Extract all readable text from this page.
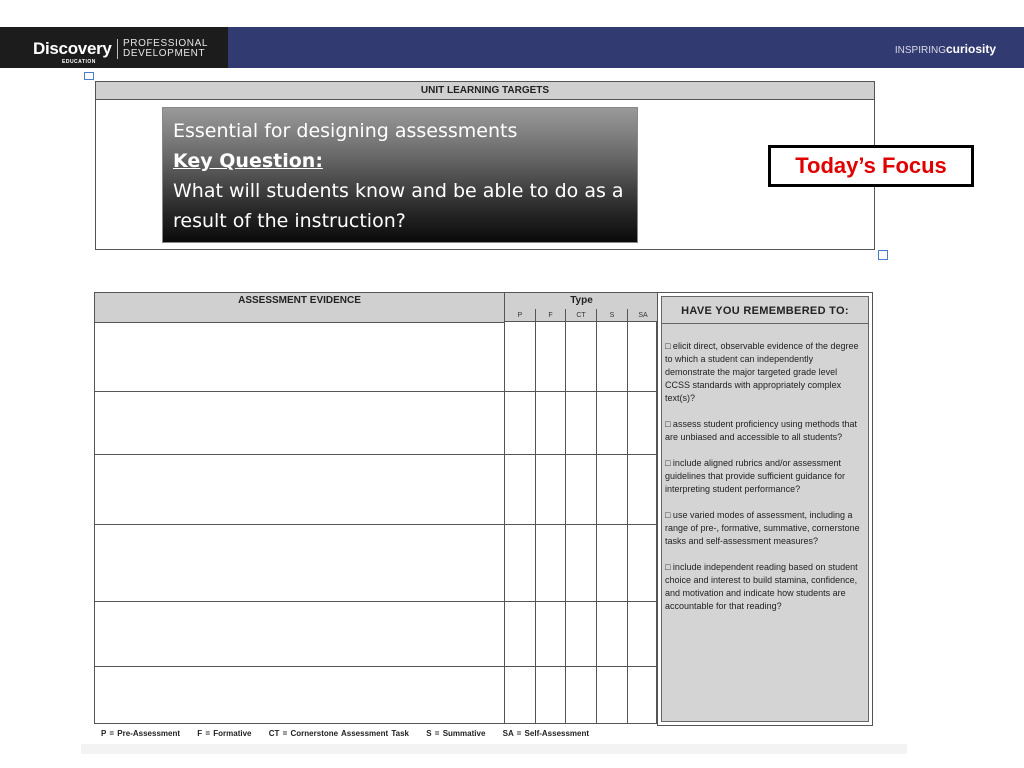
Discovery
EDUCATION
PROFESSIONAL
DEVELOPMENT	INSPIRINGcuriosity
UNIT LEARNING TARGETS
Essential for designing assessments
Key Question:
What will students know and be able to do as a result of the instruction?
Today’s Focus
ASSESSMENT EVIDENCE	Type
P	F	CT	S	SA	HAVE YOU REMEMBERED TO:
□ elicit direct, observable evidence of the degree to which a student can independently demonstrate the major targeted grade level CCSS standards with appropriately complex text(s)?
□ assess student proficiency using methods that are unbiased and accessible to all students?
□ include aligned rubrics and/or assessment guidelines that provide sufficient guidance for interpreting student performance?
□ use varied modes of assessment, including a range of pre-, formative, summative, cornerstone tasks and self-assessment measures?
□ include independent reading based on student choice and interest to build stamina, confidence, and motivation and indicate how students are accountable for that reading?
P = Pre-Assessment F = Formative CT = Cornerstone Assessment Task S = Summative SA = Self-Assessment
